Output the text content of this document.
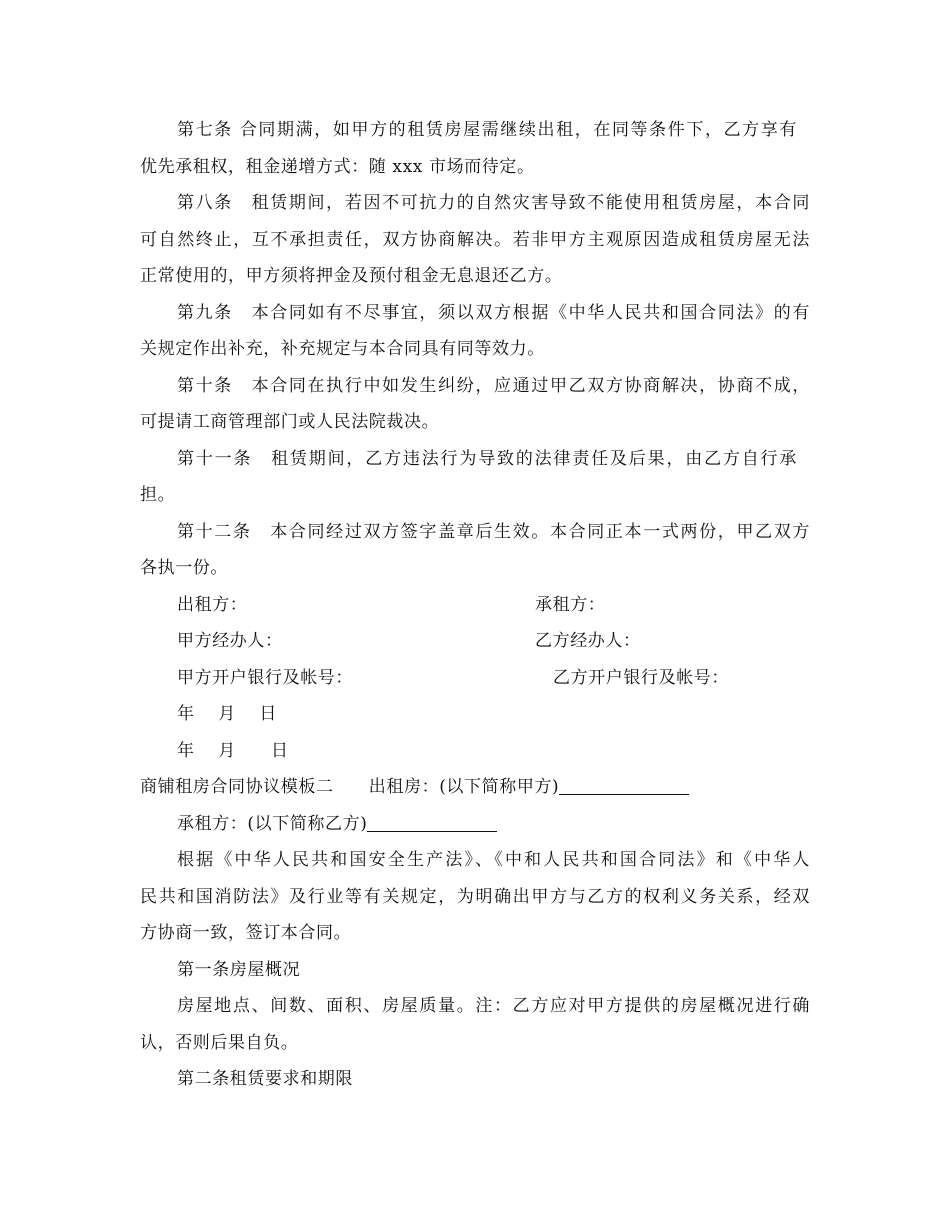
第七条 合同期满，如甲方的租赁房屋需继续出租，在同等条件下，乙方享有
优先承租权，租金递增方式：随 xxx 市场而待定。
第八条　租赁期间，若因不可抗力的自然灾害导致不能使用租赁房屋，本合同
可自然终止，互不承担责任，双方协商解决。若非甲方主观原因造成租赁房屋无法
正常使用的，甲方须将押金及预付租金无息退还乙方。
第九条　本合同如有不尽事宜，须以双方根据《中华人民共和国合同法》的有
关规定作出补充，补充规定与本合同具有同等效力。
第十条　本合同在执行中如发生纠纷，应通过甲乙双方协商解决，协商不成，
可提请工商管理部门或人民法院裁决。
第十一条　租赁期间，乙方违法行为导致的法律责任及后果，由乙方自行承
担。
第十二条　本合同经过双方签字盖章后生效。本合同正本一式两份，甲乙双方
各执一份。
出租方：	承租方：
甲方经办人：	乙方经办人：
甲方开户银行及帐号：	乙方开户银行及帐号：
年　 月　 日
年　 月　　日
商铺租房合同协议模板二　　出租房：(以下简称甲方)
承租方：(以下简称乙方)
根据《中华人民共和国安全生产法》、《中和人民共和国合同法》和《中华人
民共和国消防法》及行业等有关规定，为明确出甲方与乙方的权利义务关系，经双
方协商一致，签订本合同。
第一条房屋概况
房屋地点、间数、面积、房屋质量。注：乙方应对甲方提供的房屋概况进行确
认，否则后果自负。
第二条租赁要求和期限
